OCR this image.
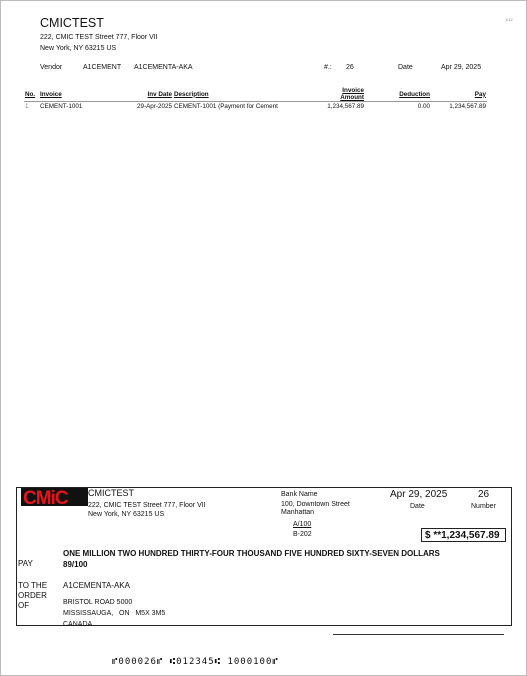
CMICTEST
222, CMIC TEST Street 777, Floor VII
New York, NY 63215 US
1/12
Vendor	A1CEMENT A1CEMENTA-AKA	#.: 26	Date	Apr 29, 2025
No.	Invoice	Inv Date	Description	Invoice Amount	Deduction	Pay

1	CEMENT-1001	29-Apr-2025	CEMENT-1001 (Payment for Cement	1,234,567.89	0.00	1,234,567.89
CMiC CMICTEST
222, CMIC TEST Street 777, Floor VII
New York, NY 63215 US
Bank Name
100, Downtown Street
Manhattan
A/100
B-202
Apr 29, 2025
Date
26
Number
$ **1,234,567.89
ONE MILLION TWO HUNDRED THIRTY-FOUR THOUSAND FIVE HUNDRED SIXTY-SEVEN DOLLARS
89/100
PAY
TO THE
ORDER
OF
A1CEMENTA-AKA
BRISTOL ROAD 5000
MISSISSAUGA,   ON   M5X 3M5
CANADA
⑈000026⑈ ⑆012345⑆ 1000100⑈
